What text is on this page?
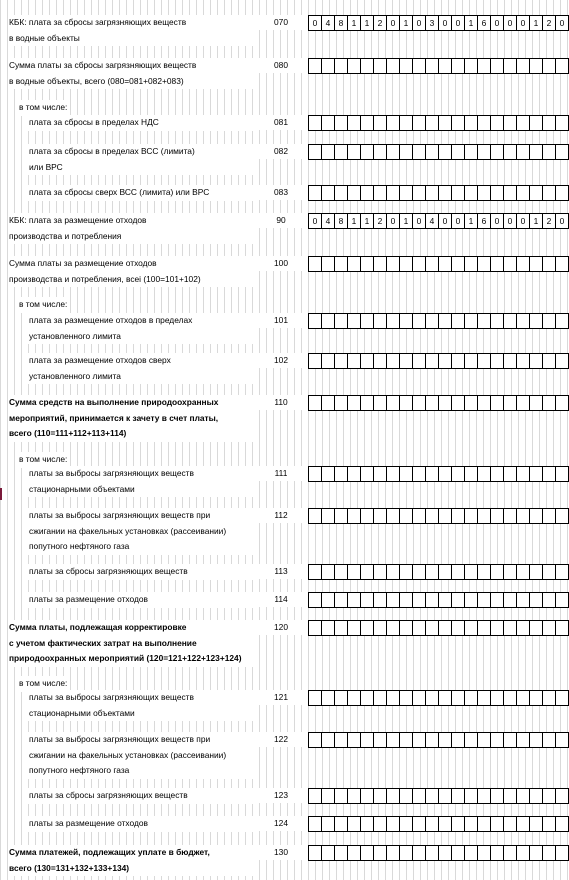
КБК: плата за сбросы загрязняющих веществ
в водные объекты
070	0 4 8 1 1 2 0 1 0 3 0 0 1 6 0 0 0 1 2 0
Сумма платы за сбросы загрязняющих веществ
в водные объекты, всего (080=081+082+083)
080
в том числе:
плата за сбросы в пределах НДС	081
плата за сбросы в пределах ВСС (лимита)
или ВРС
082
плата за сбросы сверх ВСС (лимита) или ВРС	083
КБК: плата за размещение отходов
производства и потребления
90	0 4 8 1 1 2 0 1 0 4 0 0 1 6 0 0 0 1 2 0
Сумма платы за размещение отходов
производства и потребления, всеi (100=101+102)
100
в том числе:
плата за размещение отходов в пределах
установленного лимита
101
плата за размещение отходов сверх
установленного лимита
102
Сумма средств на выполнение природоохранных
мероприятий, принимается к зачету в счет платы,
всего (110=111+112+113+114)
110
в том числе:
платы за выбросы загрязняющих веществ
стационарными объектами
111
платы за выбросы загрязняющих веществ при
сжигании на факельных установках (рассеивании)
попутного нефтяного газа
112
платы за сбросы загрязняющих веществ	113
платы за размещение отходов	114
Сумма платы, подлежащая корректировке
с учетом фактических затрат на выполнение
природоохранных мероприятий (120=121+122+123+124)
120
в том числе:
платы за выбросы загрязняющих веществ
стационарными объектами
121
платы за выбросы загрязняющих веществ при
сжигании на факельных установках (рассеивании)
попутного нефтяного газа
122
платы за сбросы загрязняющих веществ	123
платы за размещение отходов	124
Сумма платежей, подлежащих уплате в бюджет,
всего (130=131+132+133+134)
130
